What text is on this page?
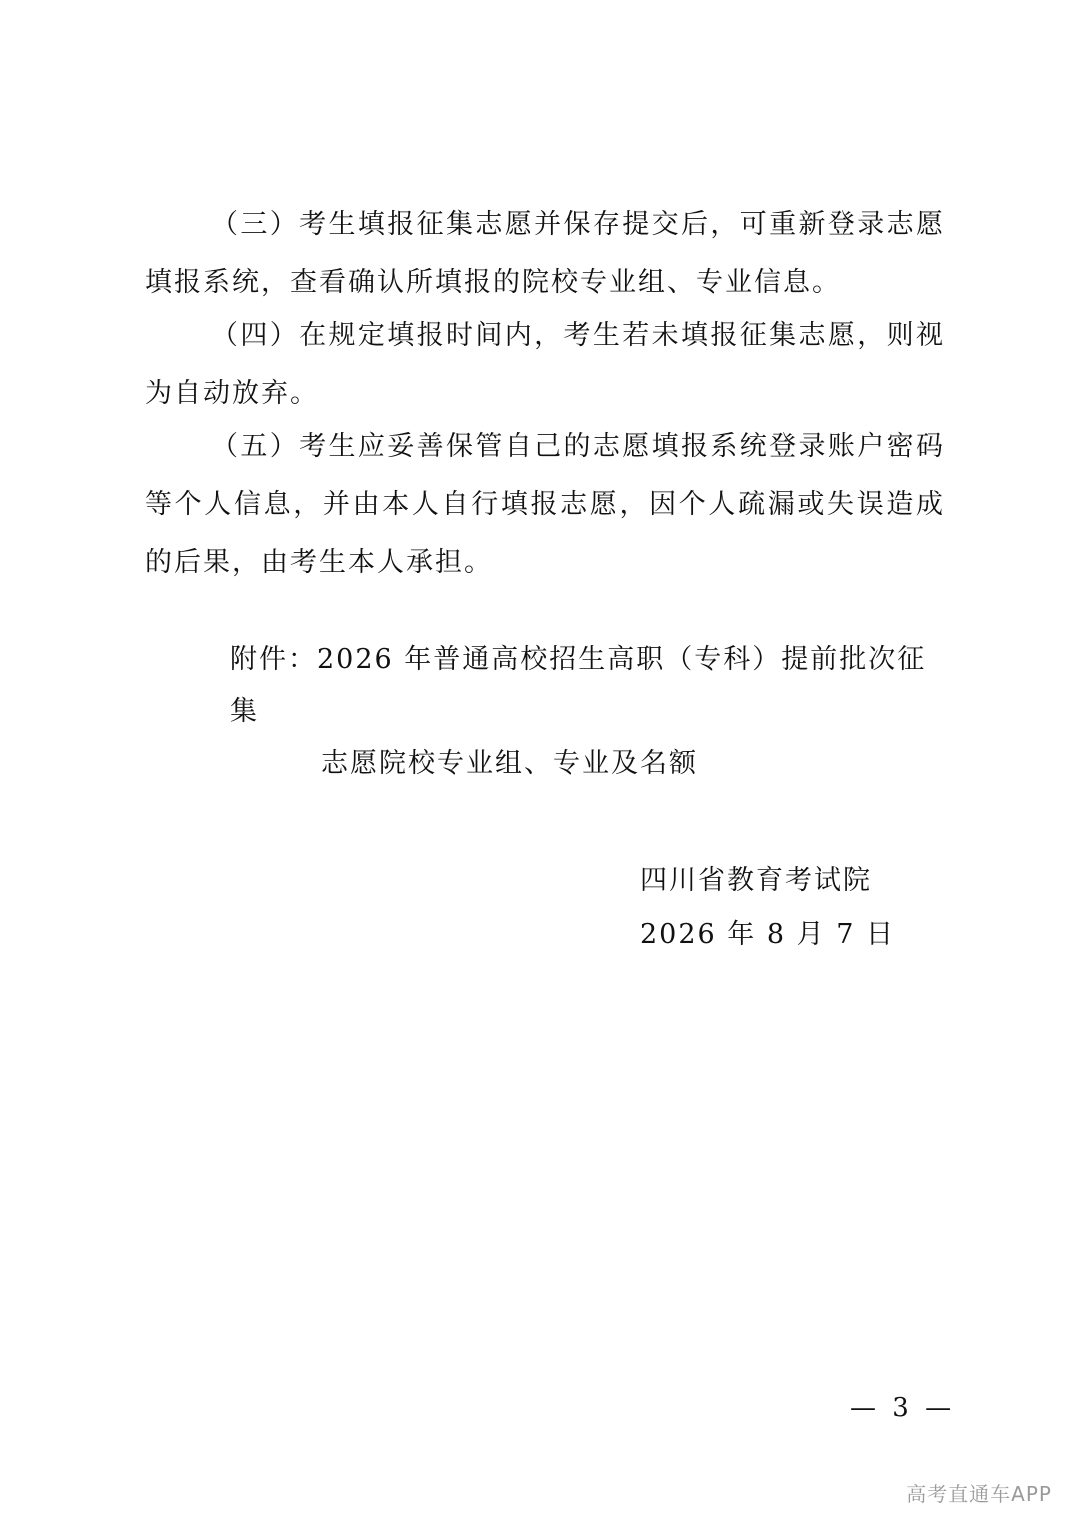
（三）考生填报征集志愿并保存提交后，可重新登录志愿填报系统，查看确认所填报的院校专业组、专业信息。

（四）在规定填报时间内，考生若未填报征集志愿，则视为自动放弃。

（五）考生应妥善保管自己的志愿填报系统登录账户密码等个人信息，并由本人自行填报志愿，因个人疏漏或失误造成的后果，由考生本人承担。

附件：2026 年普通高校招生高职（专科）提前批次征集
志愿院校专业组、专业及名额
四川省教育考试院
2026 年 8 月 7 日
— 3 —
高考直通车APP
